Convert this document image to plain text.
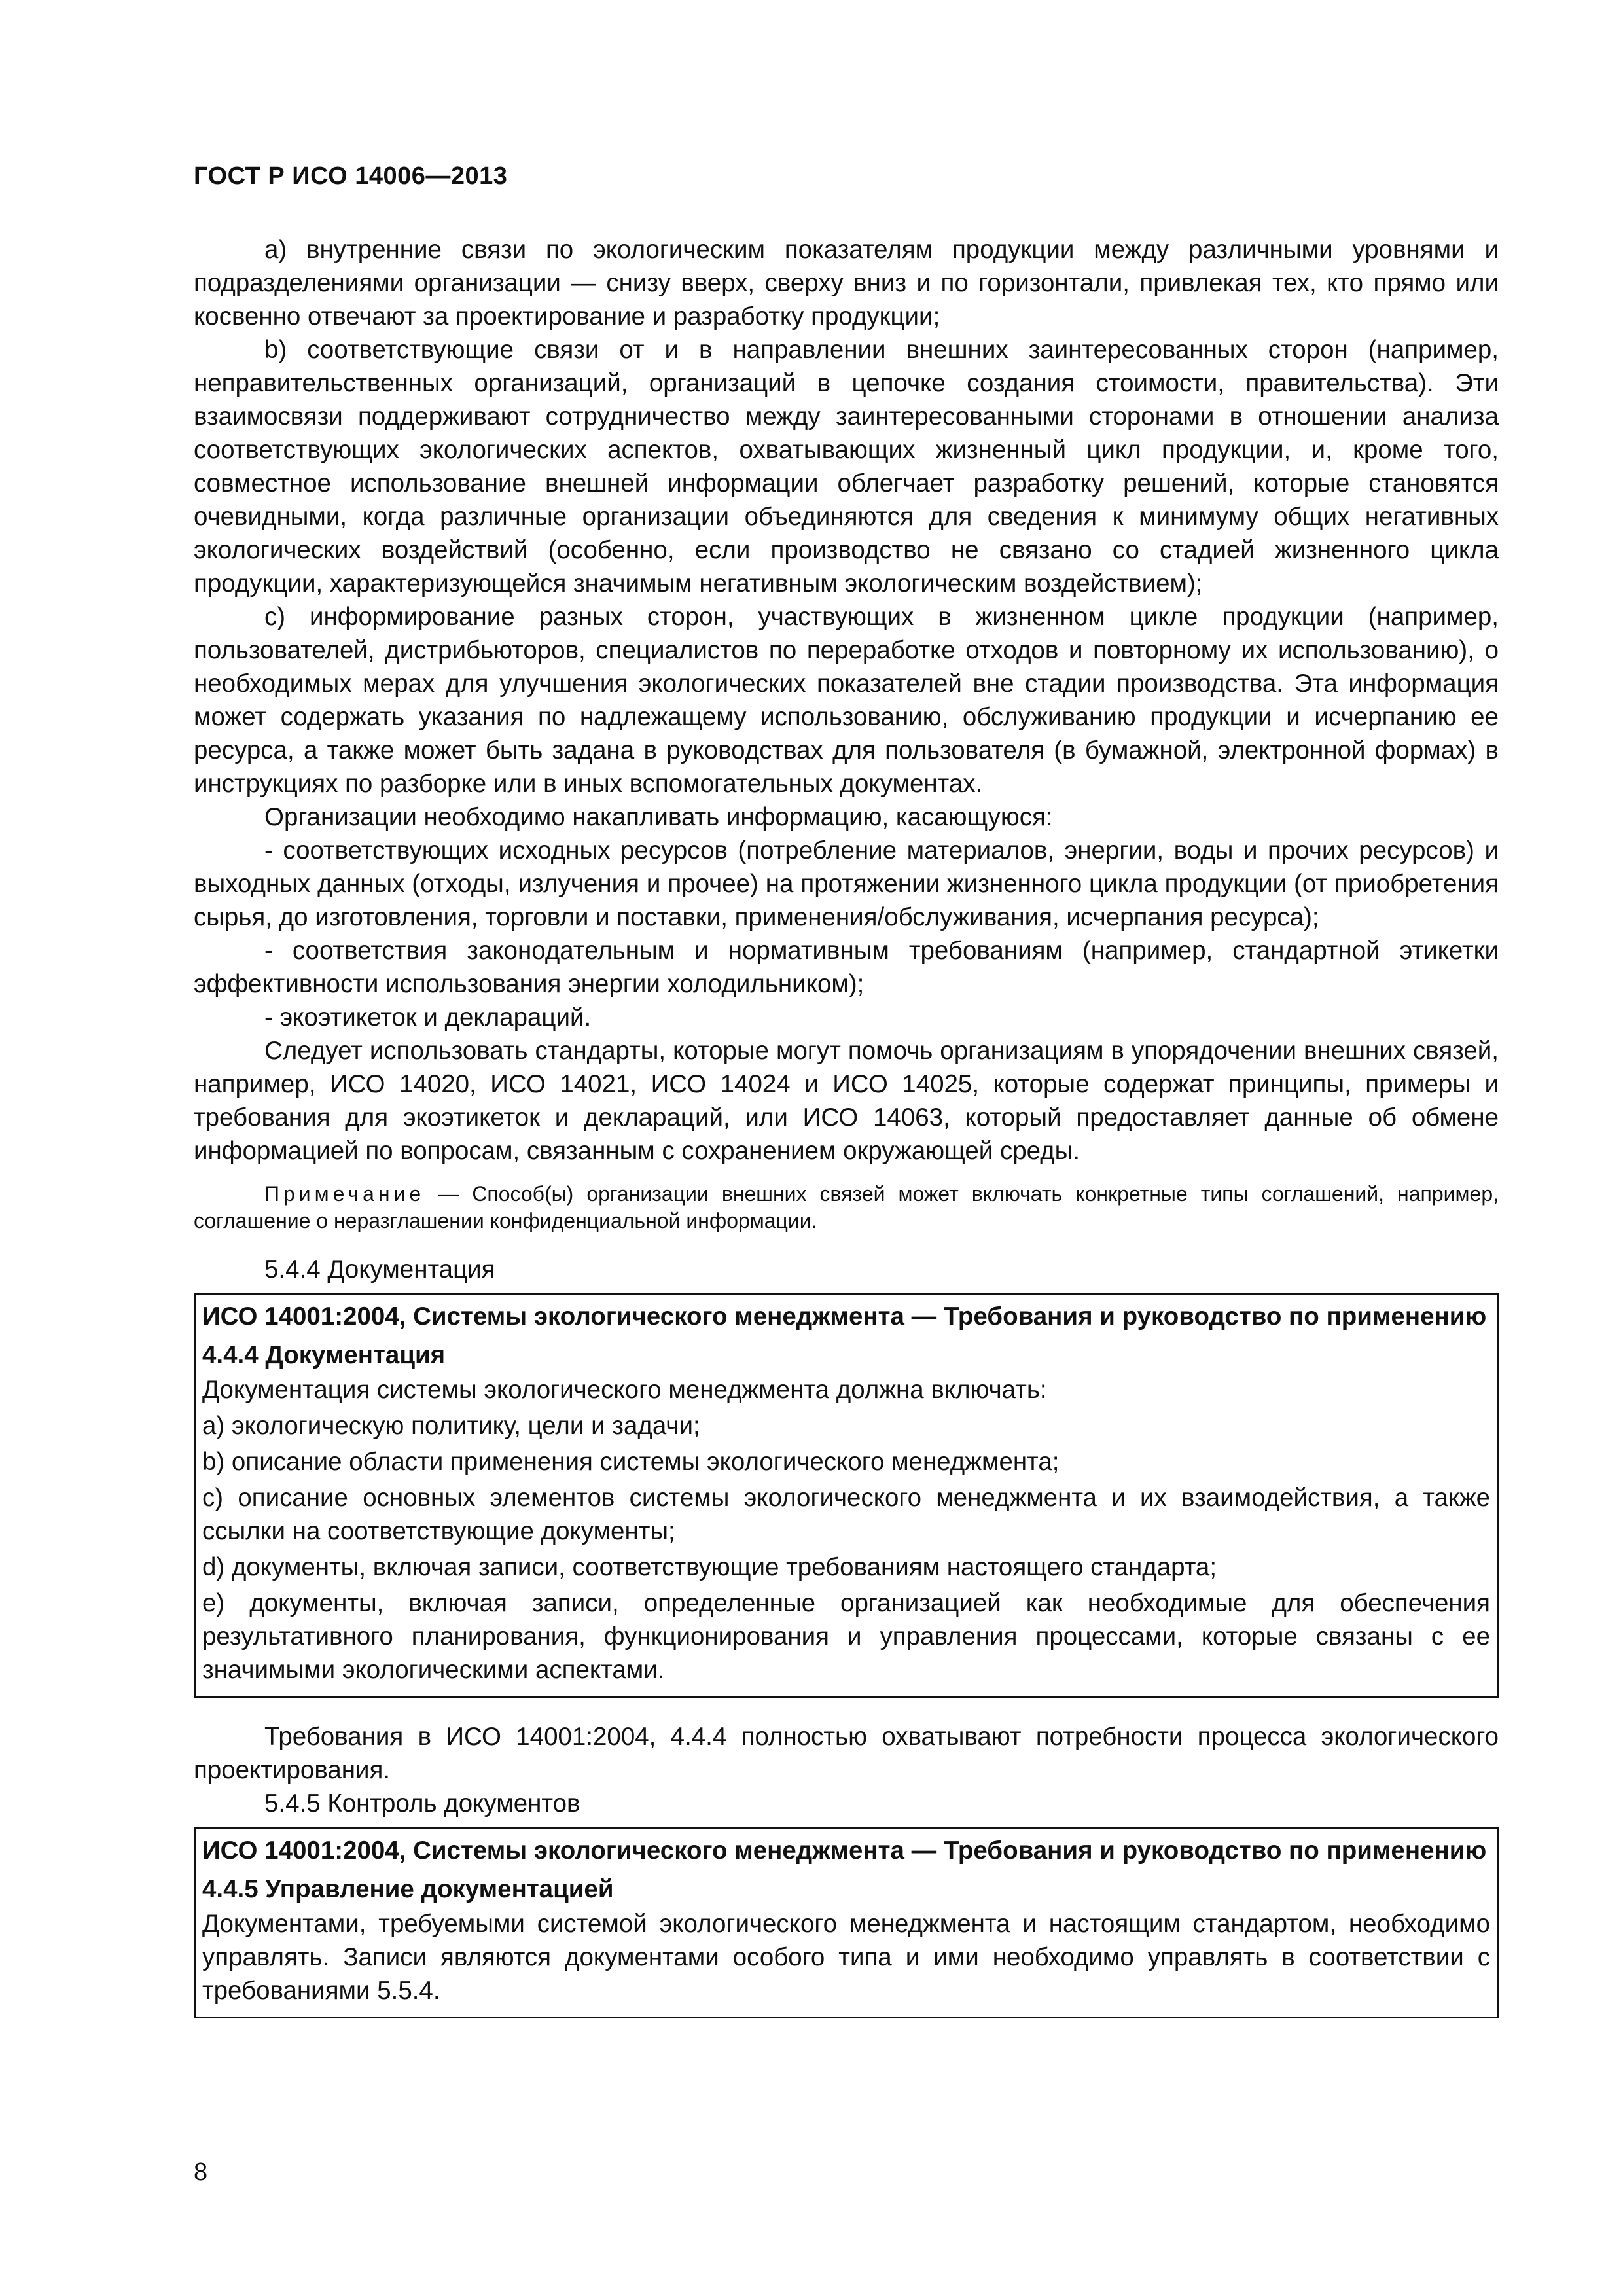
ГОСТ Р ИСО 14006—2013

а) внутренние связи по экологическим показателям продукции между различными уровнями и подразделениями организации — снизу вверх, сверху вниз и по горизонтали, привлекая тех, кто прямо или косвенно отвечают за проектирование и разработку продукции;

b) соответствующие связи от и в направлении внешних заинтересованных сторон (например, неправительственных организаций, организаций в цепочке создания стоимости, правительства). Эти взаимосвязи поддерживают сотрудничество между заинтересованными сторонами в отношении анализа соответствующих экологических аспектов, охватывающих жизненный цикл продукции, и, кроме того, совместное использование внешней информации облегчает разработку решений, которые становятся очевидными, когда различные организации объединяются для сведения к минимуму общих негативных экологических воздействий (особенно, если производство не связано со стадией жизненного цикла продукции, характеризующейся значимым негативным экологическим воздействием);

c) информирование разных сторон, участвующих в жизненном цикле продукции (например, пользователей, дистрибьюторов, специалистов по переработке отходов и повторному их использованию), о необходимых мерах для улучшения экологических показателей вне стадии производства. Эта информация может содержать указания по надлежащему использованию, обслуживанию продукции и исчерпанию ее ресурса, а также может быть задана в руководствах для пользователя (в бумажной, электронной формах) в инструкциях по разборке или в иных вспомогательных документах.

Организации необходимо накапливать информацию, касающуюся:

- соответствующих исходных ресурсов (потребление материалов, энергии, воды и прочих ресурсов) и выходных данных (отходы, излучения и прочее) на протяжении жизненного цикла продукции (от приобретения сырья, до изготовления, торговли и поставки, применения/обслуживания, исчерпания ресурса);

- соответствия законодательным и нормативным требованиям (например, стандартной этикетки эффективности использования энергии холодильником);

- экоэтикеток и деклараций.

Следует использовать стандарты, которые могут помочь организациям в упорядочении внешних связей, например, ИСО 14020, ИСО 14021, ИСО 14024 и ИСО 14025, которые содержат принципы, примеры и требования для экоэтикеток и деклараций, или ИСО 14063, который предоставляет данные об обмене информацией по вопросам, связанным с сохранением окружающей среды.

Примечание — Способ(ы) организации внешних связей может включать конкретные типы соглашений, например, соглашение о неразглашении конфиденциальной информации.

5.4.4 Документация

ИСО 14001:2004, Системы экологического менеджмента — Требования и руководство по применению

4.4.4 Документация

Документация системы экологического менеджмента должна включать:

a) экологическую политику, цели и задачи;

b) описание области применения системы экологического менеджмента;

c) описание основных элементов системы экологического менеджмента и их взаимодействия, а также ссылки на соответствующие документы;

d) документы, включая записи, соответствующие требованиям настоящего стандарта;

e) документы, включая записи, определенные организацией как необходимые для обеспечения результативного планирования, функционирования и управления процессами, которые связаны с ее значимыми экологическими аспектами.

Требования в ИСО 14001:2004, 4.4.4 полностью охватывают потребности процесса экологического проектирования.

5.4.5 Контроль документов

ИСО 14001:2004, Системы экологического менеджмента — Требования и руководство по применению

4.4.5 Управление документацией

Документами, требуемыми системой экологического менеджмента и настоящим стандартом, необходимо управлять. Записи являются документами особого типа и ими необходимо управлять в соответствии с требованиями 5.5.4.

8
